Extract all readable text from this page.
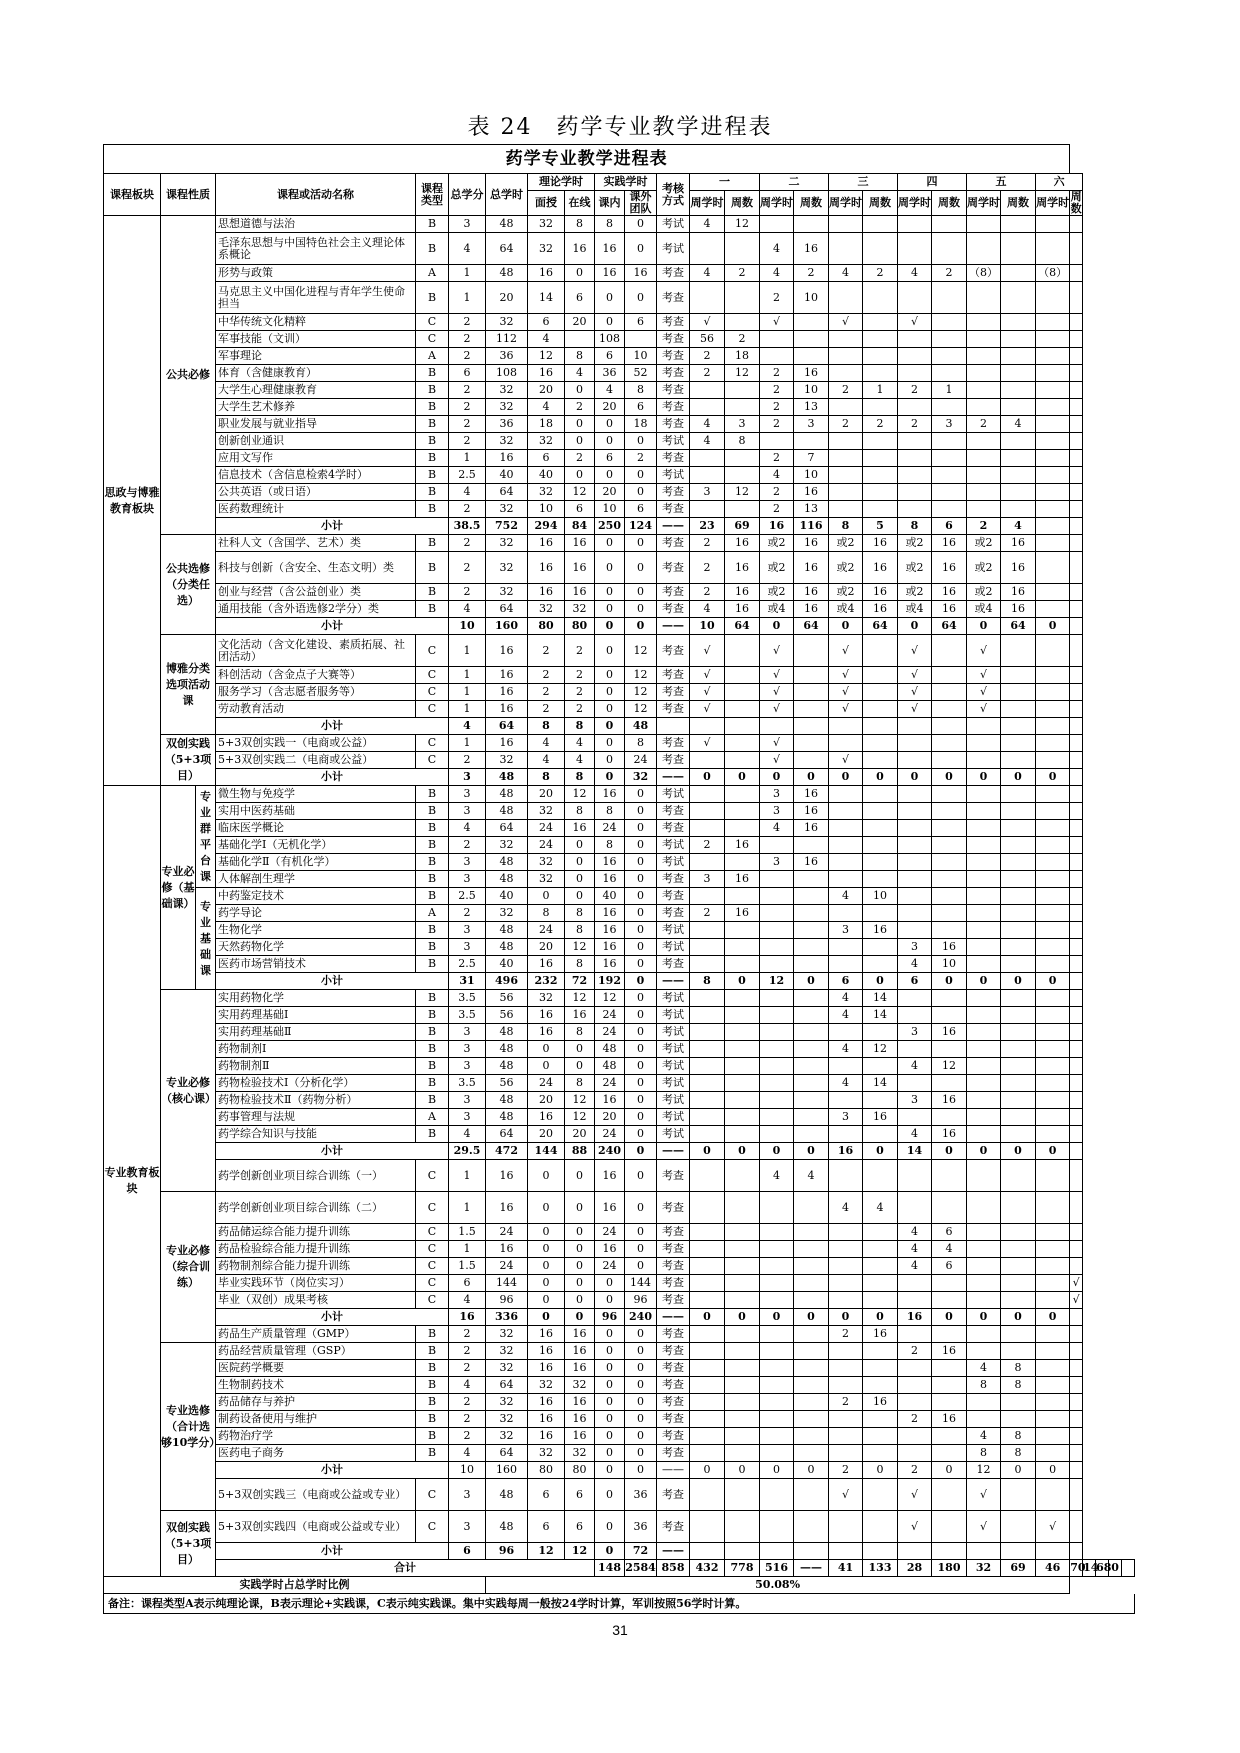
表 24　药学专业教学进程表
药学专业教学进程表																											
课程板块	课程性质		课程或活动名称	课程类型	总学分	总学时	理论学时		实践学时		考核方式	一		二		三		四		五		六					
							面授	在线	课内	课外团队		周学时	周数	周学时	周数	周学时	周数	周学时	周数	周学时	周数	周学时	周数				
思政与博雅教育板块	公共必修		思想道德与法治	B	3	48	32	8	8	0	考试	4	12														
			毛泽东思想与中国特色社会主义理论体系概论	B	4	64	32	16	16	0	考试			4	16												
			形势与政策	A	1	48	16	0	16	16	考查	4	2	4	2	4	2	4	2	（8）		（8）					
			马克思主义中国化进程与青年学生使命担当	B	1	20	14	6	0	0	考查			2	10												
			中华传统文化精粹	C	2	32	6	20	0	6	考查	√		√		√		√									
			军事技能（文训）	C	2	112	4		108		考查	56	2														
			军事理论	A	2	36	12	8	6	10	考查	2	18														
			体育（含健康教育）	B	6	108	16	4	36	52	考查	2	12	2	16												
			大学生心理健康教育	B	2	32	20	0	4	8	考查			2	10	2	1	2	1								
			大学生艺术修养	B	2	32	4	2	20	6	考查			2	13												
			职业发展与就业指导	B	2	36	18	0	0	18	考查	4	3	2	3	2	2	2	3	2	4						
			创新创业通识	B	2	32	32	0	0	0	考试	4	8														
			应用文写作	B	1	16	6	2	6	2	考查			2	7												
			信息技术（含信息检索4学时）	B	2.5	40	40	0	0	0	考试			4	10												
			公共英语（或日语）	B	4	64	32	12	20	0	考查	3	12	2	16												
			医药数理统计	B	2	32	10	6	10	6	考查			2	13												
			小计		38.5	752	294	84	250	124	——	23	69	16	116	8	5	8	6	2	4						
	公共选修（分类任选）		社科人文（含国学、艺术）类	B	2	32	16	16	0	0	考查	2	16	或2	16	或2	16	或2	16	或2	16						
			科技与创新（含安全、生态文明）类	B	2	32	16	16	0	0	考查	2	16	或2	16	或2	16	或2	16	或2	16						
			创业与经营（含公益创业）类	B	2	32	16	16	0	0	考查	2	16	或2	16	或2	16	或2	16	或2	16						
			通用技能（含外语选修2学分）类	B	4	64	32	32	0	0	考查	4	16	或4	16	或4	16	或4	16	或4	16						
			小计		10	160	80	80	0	0	——	10	64	0	64	0	64	0	64	0	64	0					
	博雅分类选项活动课		文化活动（含文化建设、素质拓展、社团活动）	C	1	16	2	2	0	12	考查	√		√		√		√		√							
			科创活动（含金点子大赛等）	C	1	16	2	2	0	12	考查	√		√		√		√		√							
			服务学习（含志愿者服务等）	C	1	16	2	2	0	12	考查	√		√		√		√		√							
			劳动教育活动	C	1	16	2	2	0	12	考查	√		√		√		√		√							
			小计		4	64	8	8	0	48																	
	双创实践（5+3项目）		5+3双创实践一（电商或公益）	C	1	16	4	4	0	8	考查	√		√													
			5+3双创实践二（电商或公益）	C	2	32	4	4	0	24	考查			√		√											
			小计		3	48	8	8	0	32	——	0	0	0	0	0	0	0	0	0	0	0					
专业教育板块	专业必修（基础课）	专业群平台课	微生物与免疫学	B	3	48	20	12	16	0	考试			3	16												
			实用中医药基础	B	3	48	32	8	8	0	考查			3	16												
			临床医学概论	B	4	64	24	16	24	0	考查			4	16												
			基础化学Ⅰ（无机化学）	B	2	32	24	0	8	0	考试	2	16														
			基础化学Ⅱ（有机化学）	B	3	48	32	0	16	0	考试			3	16												
			人体解剖生理学	B	3	48	32	0	16	0	考查	3	16														
		专业基础课	中药鉴定技术	B	2.5	40	0	0	40	0	考查					4	10										
			药学导论	A	2	32	8	8	16	0	考查	2	16														
			生物化学	B	3	48	24	8	16	0	考试					3	16										
			天然药物化学	B	3	48	20	12	16	0	考试							3	16								
			医药市场营销技术	B	2.5	40	16	8	16	0	考查							4	10								
			小计		31	496	232	72	192	0	——	8	0	12	0	6	0	6	0	0	0	0					
	专业必修（核心课）		实用药物化学	B	3.5	56	32	12	12	0	考试					4	14										
			实用药理基础Ⅰ	B	3.5	56	16	16	24	0	考试					4	14										
			实用药理基础Ⅱ	B	3	48	16	8	24	0	考试							3	16								
			药物制剂Ⅰ	B	3	48	0	0	48	0	考试					4	12										
			药物制剂Ⅱ	B	3	48	0	0	48	0	考试							4	12								
			药物检验技术Ⅰ（分析化学）	B	3.5	56	24	8	24	0	考试					4	14										
			药物检验技术Ⅱ（药物分析）	B	3	48	20	12	16	0	考试							3	16								
			药事管理与法规	A	3	48	16	12	20	0	考试					3	16										
			药学综合知识与技能	B	4	64	20	20	24	0	考试							4	16								
			小计		29.5	472	144	88	240	0	——	0	0	0	0	16	0	14	0	0	0	0					
			药学创新创业项目综合训练（一）	C	1	16	0	0	16	0	考查			4	4												
	专业必修（综合训练）		药学创新创业项目综合训练（二）	C	1	16	0	0	16	0	考查					4	4										
			药品储运综合能力提升训练	C	1.5	24	0	0	24	0	考查							4	6								
			药品检验综合能力提升训练	C	1	16	0	0	16	0	考查							4	4								
			药物制剂综合能力提升训练	C	1.5	24	0	0	24	0	考查							4	6								
			毕业实践环节（岗位实习）	C	6	144	0	0	0	144	考查												√				
			毕业（双创）成果考核	C	4	96	0	0	0	96	考查												√				
			小计		16	336	0	0	96	240	——	0	0	0	0	0	0	16	0	0	0	0					
			药品生产质量管理（GMP）	B	2	32	16	16	0	0	考查					2	16										
	专业选修（合计选够10学分）		药品经营质量管理（GSP）	B	2	32	16	16	0	0	考查							2	16								
			医院药学概要	B	2	32	16	16	0	0	考查									4	8						
			生物制药技术	B	4	64	32	32	0	0	考查									8	8						
			药品储存与养护	B	2	32	16	16	0	0	考查					2	16										
			制药设备使用与维护	B	2	32	16	16	0	0	考查							2	16								
			药物治疗学	B	2	32	16	16	0	0	考查									4	8						
			医药电子商务	B	4	64	32	32	0	0	考查									8	8						
			小计		10	160	80	80	0	0	——	0	0	0	0	2	0	2	0	12	0	0					
			5+3双创实践三（电商或公益或专业）	C	3	48	6	6	0	36	考查					√		√		√							
	双创实践（5+3项目）		5+3双创实践四（电商或公益或专业）	C	3	48	6	6	0	36	考查							√		√		√					
			小计		6	96	12	12	0	72	——																
			合计						148	2584	858	432	778	516	——	41	133	28	180	32	69	46	70	14	68	0	
实践学时占总学时比例						50.08%																					
备注：课程类型A表示纯理论课，B表示理论+实践课，C表示纯实践课。集中实践每周一般按24学时计算，军训按照56学时计算。
31
